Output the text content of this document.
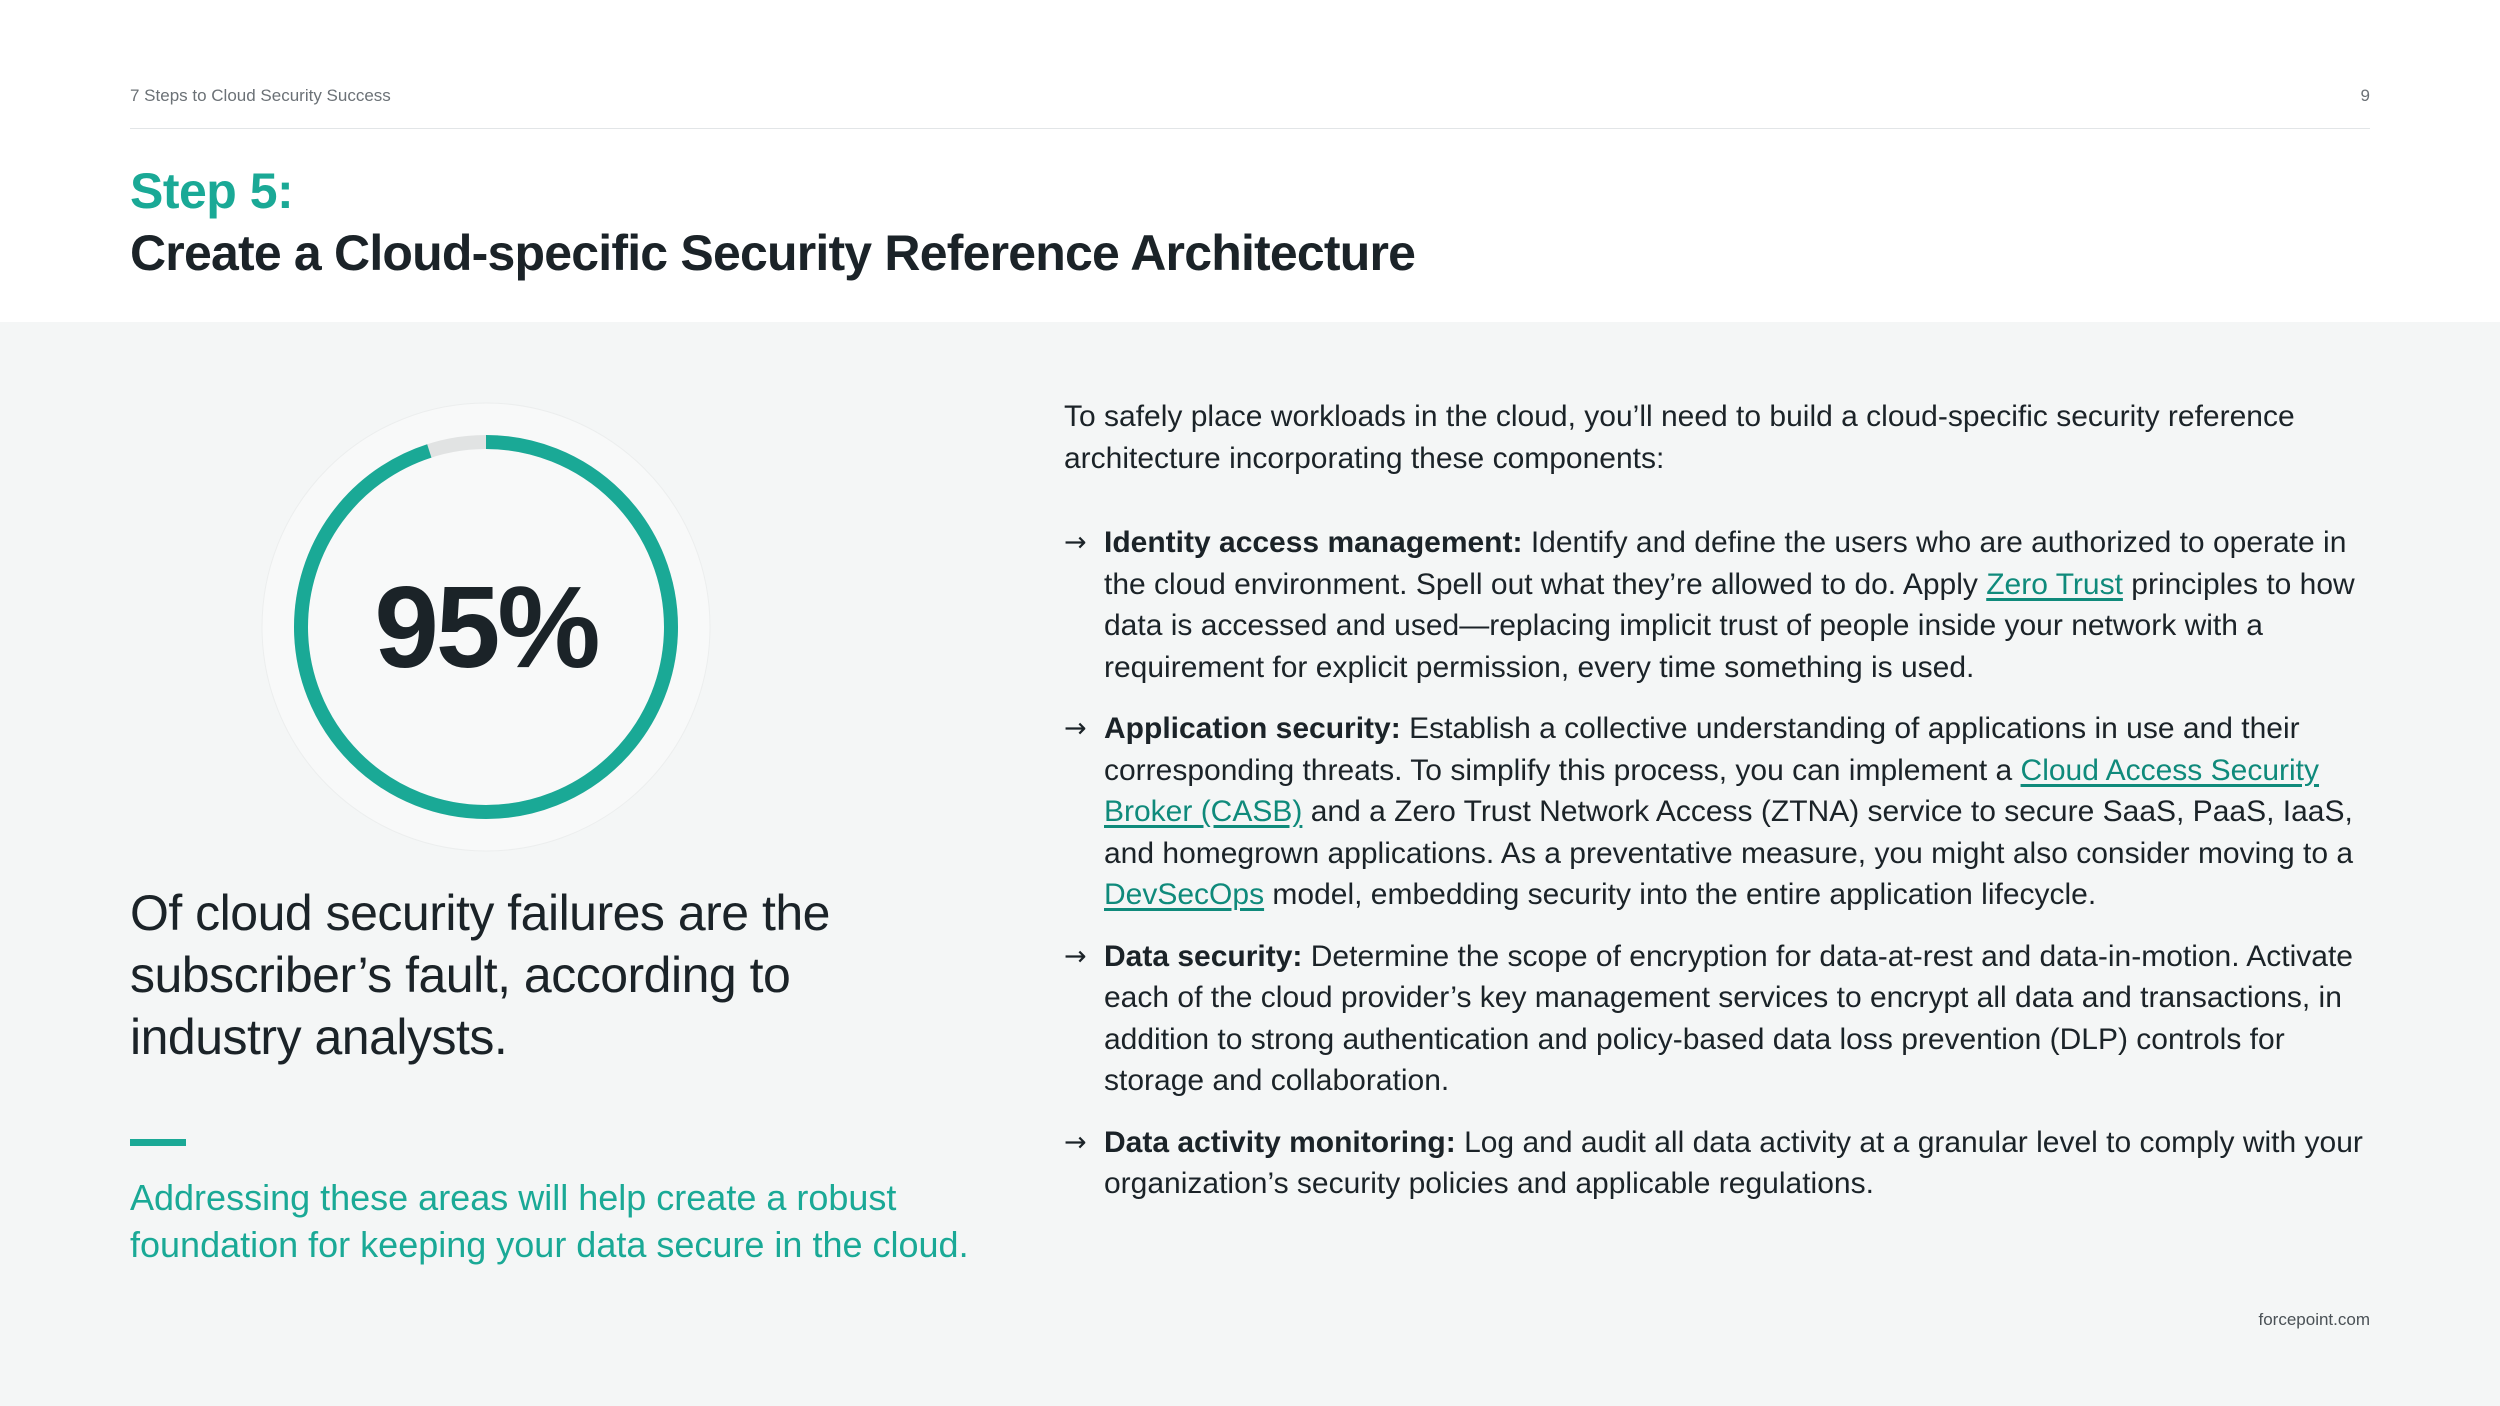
7 Steps to Cloud Security Success	9
Step 5:
Create a Cloud-specific Security Reference Architecture
95%
Of cloud security failures are the subscriber’s fault, according to industry analysts.
Addressing these areas will help create a robust foundation for keeping your data secure in the cloud.
To safely place workloads in the cloud, you’ll need to build a cloud-specific security reference architecture incorporating these components:
→ Identity access management: Identify and define the users who are authorized to operate in the cloud environment. Spell out what they’re allowed to do. Apply Zero Trust principles to how data is accessed and used—replacing implicit trust of people inside your network with a requirement for explicit permission, every time something is used.
→ Application security: Establish a collective understanding of applications in use and their corresponding threats. To simplify this process, you can implement a Cloud Access Security Broker (CASB) and a Zero Trust Network Access (ZTNA) service to secure SaaS, PaaS, IaaS, and homegrown applications. As a preventative measure, you might also consider moving to a DevSecOps model, embedding security into the entire application lifecycle.
→ Data security: Determine the scope of encryption for data-at-rest and data-in-motion. Activate each of the cloud provider’s key management services to encrypt all data and transactions, in addition to strong authentication and policy-based data loss prevention (DLP) controls for storage and collaboration.
→ Data activity monitoring: Log and audit all data activity at a granular level to comply with your organization’s security policies and applicable regulations.
forcepoint.com
